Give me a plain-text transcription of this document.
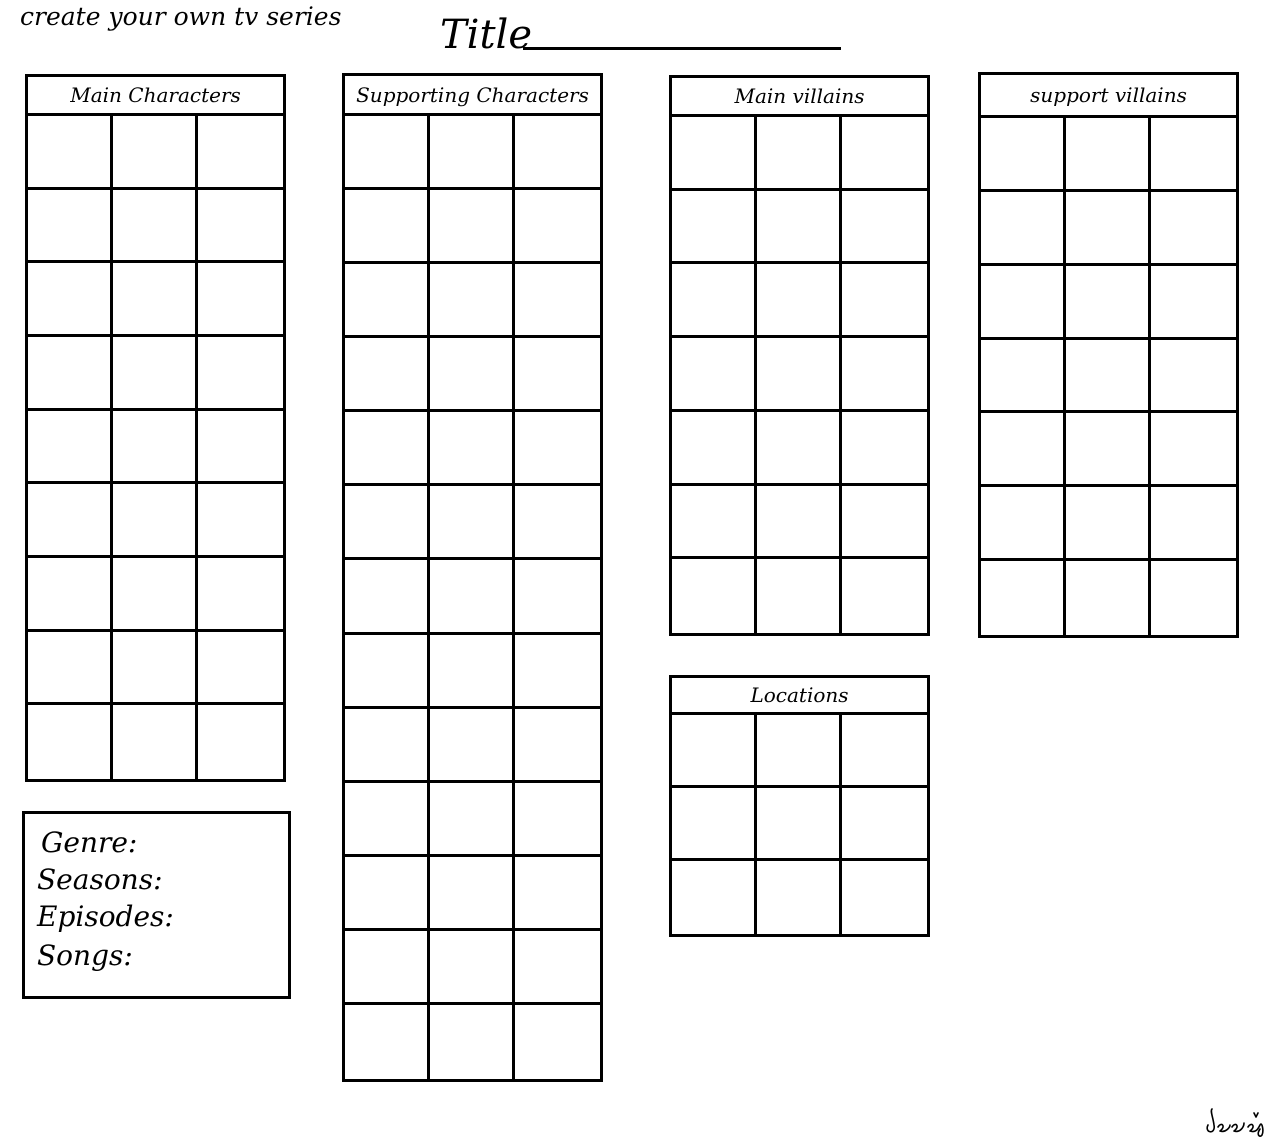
create your own tv series Title
Main Characters	Supporting Characters	Main villains	support villains
Locations
Genre:
Seasons:
Episodes:
Songs:
